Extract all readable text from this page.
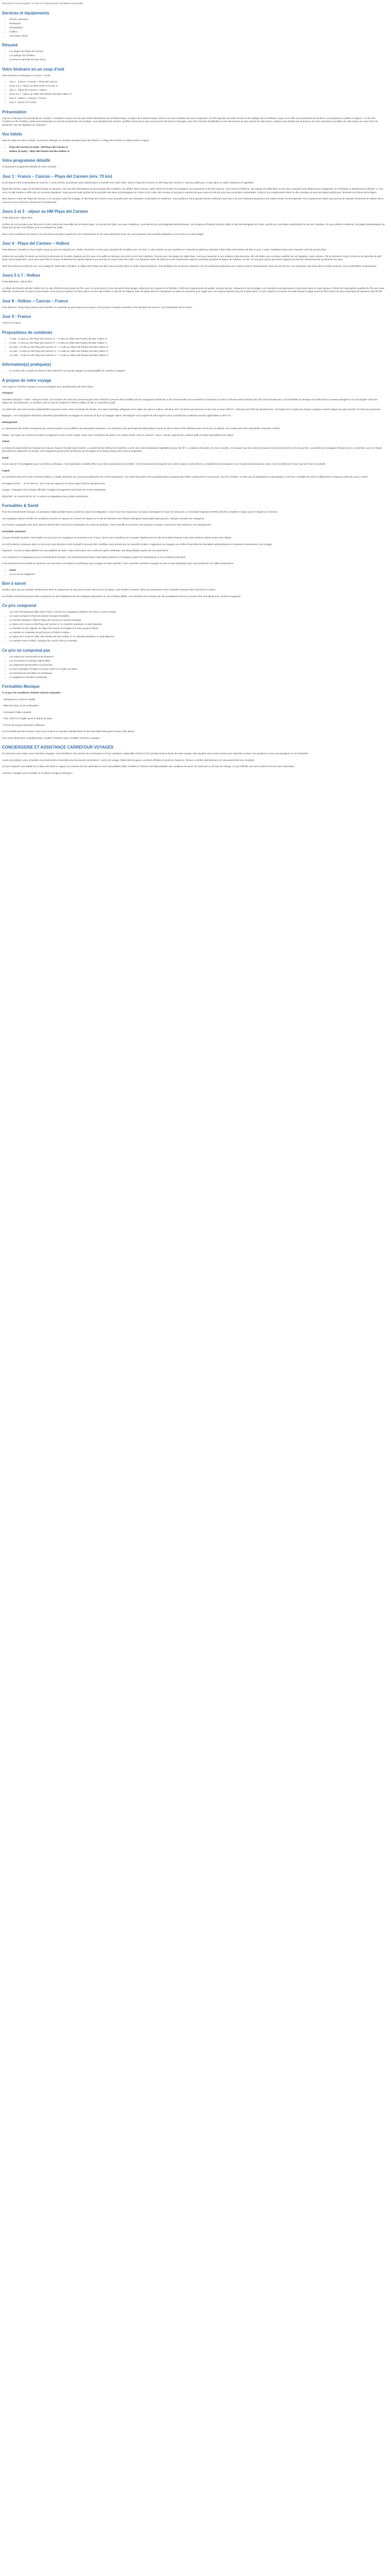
Découvrez le jour proposé ! Ce prix ne comprend pas Formalités Covid guide

Services et équipements
• Piscine extérieure
• Restaurant
• Climatisation
• Coiffeur
• Concierge 24h/24
Résumé
• Les plages de Playa del Carmen
• La mystique île d'Holbox
• La réserve naturelle de Sian Ka'an
Votre itinéraire en un coup d'oeil

Votre itinéraire au Mexique en 9 jours / 7 nuits :

• Jour 1 : France > Cancún > Playa del Carmen
• Jours 2 à 3 : séjour au Mimi Hotel & Cenote 4*
• Jour 4 : Playa del Carmen > Holbox
• Jours 5 à 7 : séjour au Villas HM Paraíso del Mar Holbox 4*
• Jour 8 : Holbox > Cancún > France
• Jour 9 : arrivée en France
Présentation

Cap sur le Mexique et la presqu'île du Yucatán ! Considéré comme l'un des plus belles destinations de la Riviera Maya, la région de la Riviera Maya, entre la mer des Caraïbes aux eaux turquoises, la forêt tropicale aux mille secrets et les vestiges de la civilisation maya, vous offre une parenthèse de bonheur. Ce programme combine 2 régions : la côte des Caraïbes et l'île d'Holbox, petite perle préservée au nord de la péninsule. De la plage, vous rejoindrez les cenotes, gouffres d'eau douce que vous pourrez découvrir en plongée, pour des moments inoubliables et une découverte du parc naturel de Sian Ka'an. Laissez-vous séduire par la douceur de vivre mexicaine et profitez de votre séjour au cœur d'une île préservée, loin de l'agitation du continent !

Vos hôtels

Dans le cadre de votre combiné, vous serez hébergé en chambre standard dans des hôtels 4* à Playa del Carmen et Holbox selon le séjour :

• Playa del Carmen (3 nuits) : HM Playa del Carmen 4*
• Holbox (4 nuits) : Villas HM Paraíso del Mar Holbox 4*
Votre programme détaillé

Ci-dessous le programme détaillé de votre combiné.

Jour 1 : France – Cancún – Playa del Carmen (env. 70 km)

Envol depuis Paris à destination de Cancún. À votre arrivée, accueil par notre représentant et transfert vers votre hôtel. Situé à Playa del Carmen, le HM Playa del Carmen 4* vous accueille pour 3 nuits dans un cadre chaleureux et agréable.

Playa del Carmen, joyau de la Riviera Maya au Mexique, est l'une des destinations les plus prisées des Caraïbes. Sa célèbre 5ème Avenue, artère piétonne bordée de boutiques, de restaurants et de bars animés, vous invite à la flânerie. Ses plages de sable blanc et ses eaux turquoise sont idéales pour la baignade, le snorkeling ou simplement la détente. Le soir venu, la ville s'anime et offre une vie nocturne trépidante. Vous pourrez aussi profiter de la proximité des sites archéologiques de Tulum et de Cobá, des cenotes et des parcs naturels tels que Xcaret et Xel-Há, pour des excursions mémorables. Grâce à son emplacement idéal, la ville constitue un point de départ parfait pour découvrir les trésors de la région.

Situé dans le centre de Playa del Carmen, à 10 minutes à pied de la plage, le HM Playa del Carmen vous accueille dans ses chambres confortables et modernes. Vous profiterez d'une grande piscine extérieure avec bar et de son restaurant proposant une cuisine locale et internationale. Son emplacement idéal vous permet de rejoindre facilement la célèbre 5ème Avenue et ses nombreux commerces et restaurants.

Jours 2 et 3 : séjour au HM Playa del Carmen

Petits déjeuners. Séjour libre.

Profitez de vos journées pour découvrir à votre rythme les merveilles de la Riviera Maya. Le cénote Dos Ojos, aux eaux cristallines, vous attend pour une baignade rafraîchissante. Les amateurs d'histoire pourront visiter le site archéologique de Tulum, perché sur une falaise surplombant la mer des Caraïbes. Si vous préférez la détente, les plages paradisiaques de Playa del Carmen sont idéales pour se prélasser au soleil.

Nous vous conseillons de réserver vos excursions sur place auprès de notre représentant ou de notre partenaire local, qui vous proposera des activités adaptées à vos envies et à votre budget.

Jour 4 : Playa del Carmen – Holbox

Petit déjeuner. Transfert en bus régulier jusqu'au port de Chiquilá (env. 3h30). Traversée en ferry pour rejoindre l'île d'Holbox (env. 20 min). À votre arrivée au port, transfert en voiturette de golf pour rejoindre l'hôtel Villas HM Paraíso del Mar 4* pour 4 nuits. Installation dans votre chambre et fin de journée libre.

Holbox est une petite île située au nord de la péninsule du Yucatán, baignée par les eaux où le golfe du Mexique rencontre la mer des Caraïbes. Connue pour ses plages de sable blanc, ses eaux turquoise et son ambiance décontractée, elle est idéale pour un séjour paisible loin de l'agitation. Sans voitures, l'île se découvre à pied, à vélo ou en voiturette de golf. Entre mai et septembre, vous aurez peut-être la chance d'observer les requins-baleines qui viennent se nourrir près des côtes. Les flamants roses, les pélicans et de nombreuses espèces d'oiseaux peuplent la lagune de Yalahau. Le soir, ne manquez pas le spectacle magique du plancton bioluminescent qui illumine les eaux.

Situé directement en bord de mer, sur la plage de sable blanc d'Holbox, le Villas HM Paraíso del Mar vous accueille dans un cadre naturel préservé. Vous profiterez de sa piscine extérieure, de son restaurant proposant une cuisine locale et internationale, ainsi que de son bar. Les chambres, décorées dans un style mexicain, sont confortables et spacieuses.

Jours 5 à 7 : Holbox

Petits déjeuners. Séjour libre.

Le Villas HM Paraíso del Mar Holbox est l'un des hôtels les plus prisés de l'île, avec un accès direct à l'une des plus belles plages. Idéal pour les couples et les familles, il offre des équipements de qualité, incluant piscine, restaurant et bar de plage. Les chambres sont spacieuses et décorées dans un style typique. Profitez de l'atmosphère paisible de l'île pour vous détendre et découvrir la nature environnante. Vous pourrez explorer les îlots voisins comme Isla Pasión ou Isla de los Pájaros, faire du kayak dans les mangroves ou partir en excursion pour nager avec les requins-baleines (de juin à septembre). Le soir, admirez le coucher de soleil depuis la plage avant de dîner dans l'un des restaurants de poissons frais de l'île.

Jour 8 : Holbox – Cancún – France

Petit déjeuner. Temps libre jusqu'à votre transfert en voiturette de golf jusqu'au port puis en ferry jusqu'à Chiquilá et transfert vers l'aéroport de Cancún. Vol à destination de la France.

Jour 9 : France

Arrivée en France.

Propositions de combinés
• 7 nuits : 3 nuits au HM Playa del Carmen 4* + 4 nuits au Villas HM Paraíso del Mar Holbox 4*
• 9 nuits : 3 nuits au HM Playa del Carmen 4* + 6 nuits au Villas HM Paraíso del Mar Holbox 4*
• 10 nuits : 3 nuits au HM Playa del Carmen 4* + 7 nuits au Villas HM Paraíso del Mar Holbox 4*
• 11 nuits : 5 nuits au HM Playa del Carmen 4* + 6 nuits au Villas HM Paraíso del Mar Holbox 4*
• 14 nuits : 7 nuits au HM Playa del Carmen 4* + 7 nuits au Villas HM Paraíso del Mar Holbox 4*
Information(s) pratique(s)
• Le contenu de ce guide est donné à titre indicatif et ne saurait engager la responsabilité de Carrefour Voyages.
A propos de votre voyage

Votre agence Carrefour Voyages vous accompagne pour la préparation de votre séjour :

Transport

Transferts aéroport – hôtel – aéroport inclus. Les horaires des vols sont communiqués à titre indicatif et peuvent être modifiés par les compagnies aériennes. Il est recommandé de se présenter à l'aéroport au moins 3 heures avant le départ pour les vols internationaux. Les transferts au Mexique sont effectués en navette partagée ou en bus régulier selon les étapes de votre itinéraire. Le transfert entre le port de Chiquilá et l'hôtel à Holbox se fait en voiturette de golf.

Les tarifs des vols sont soumis à disponibilité et peuvent varier selon la période de l'année. Une taxe touristique obligatoire est à régler sur place à Holbox, d'environ 30 à 40 pesos par personne et par nuit. La taxe VISITAX, instaurée par l'État de Quintana Roo, est également à régler par chaque voyageur avant le départ du pays (environ 20 USD par personne).

Bagages : Les compagnies aériennes autorisent généralement un bagage en soute de 23 kg et un bagage cabine. Renseignez-vous auprès de votre agence pour connaître les conditions exactes applicables à votre vol.

Hébergement

Le classement des hôtels correspond aux normes locales et peut différer des standards européens. Les chambres sont généralement disponibles à partir de 15h et doivent être libérées avant 12h le jour du départ. Une caution peut être demandée à l'arrivée à l'hôtel.

Repas : les repas non mentionnés dans le programme sont à votre charge. Nous vous conseillons de goûter à la cuisine locale, riche en saveurs : tacos, ceviche, guacamole, poisson grillé et autres spécialités de la région.

Climat

Le climat de la péninsule du Yucatán est tropical, chaud et humide toute l'année. La saison sèche s'étend de novembre à avril, avec des températures agréables autour de 28°C. La saison des pluies, de mai à octobre, est marquée par des averses souvent courtes et intenses en fin de journée. La période des ouragans s'étend de juin à novembre, avec un risque plus élevé en septembre et octobre. Des sargasses peuvent être présentes sur les plages de la Riviera Maya entre avril et septembre.

Santé

Aucun vaccin n'est obligatoire pour se rendre au Mexique. Il est cependant conseillé d'être à jour des vaccinations universelles. Il est recommandé d'emporter une crème solaire à indice élevé, un répulsif anti-moustiques et une trousse à pharmacie de base. Il est conseillé de ne boire que de l'eau en bouteille.

Argent

La monnaie locale est le peso mexicain (MXN). Le dollar américain est souvent accepté dans les zones touristiques. Les cartes bancaires sont acceptées dans la plupart des hôtels, restaurants et commerces. Sur l'île d'Holbox, il existe peu de distributeurs automatiques, il est donc conseillé de prévoir suffisamment d'espèces avant de vous y rendre.

Décalage horaire : - 7h en hiver et - 6h en été par rapport à la France dans l'État de Quintana Roo.

Langue : l'espagnol est la langue officielle, l'anglais est largement parlé dans les zones touristiques.

Électricité : le courant est de 127 V, prévoir un adaptateur pour prises américaines.

Formalités & Santé

Pour les ressortissants français, un passeport valide pendant toute la durée du séjour est obligatoire. Aucun visa n'est requis pour un séjour touristique de moins de 180 jours. Un formulaire migratoire (FMM) doit être complété en ligne avant le départ ou à l'arrivée.

Les voyageurs doivent vérifier les conditions d'entrée en vigueur au moment du départ sur le site du Ministère des Affaires étrangères (www.diplomatie.gouv.fr), rubrique Conseils aux voyageurs.

Les mineurs voyageant sans leurs parents doivent être munis d'une autorisation de sortie du territoire. Il est conseillé de souscrire une assurance voyage couvrant les frais médicaux et le rapatriement.

Formalités sanitaires

Aucune formalité sanitaire n'est exigée à ce jour pour les voyageurs en provenance de France. Nous vous conseillons de consulter régulièrement le site de l'Institut Pasteur et de votre médecin traitant avant votre départ.

Les informations contenues dans ce document sont données à titre indicatif et peuvent être modifiées sans préavis par les autorités locales. Il appartient au voyageur de vérifier l'ensemble des formalités administratives et sanitaires nécessaires à son voyage.

Important : les prix et disponibilités sont susceptibles de varier. Votre réservation sera confirmée après vérification des disponibilités auprès de nos partenaires.

Ces conditions ne s'appliquent qu'aux ressortissants français. Les ressortissants d'autres nationalités doivent se renseigner auprès de l'ambassade ou du consulat du Mexique.

Il est fortement recommandé de souscrire une assurance annulation et multirisque pour voyager en toute sérénité. Votre conseiller Carrefour Voyages se tient à votre disposition pour vous présenter nos offres d'assurance.

• Santé
• Aucun vaccin obligatoire
Bon à savoir

Veuillez noter que les activités mentionnées dans le programme ne sont pas incluses dans le prix du séjour, sauf mention contraire. Elles sont proposées à titre indicatif et peuvent être réservées sur place.

Les hôtels mentionnés peuvent être remplacés par des établissements de catégorie équivalente en cas d'indisponibilité. Les transferts sont assurés par des prestataires locaux et peuvent être mutualisés avec d'autres voyageurs.

Ce prix comprend
• Les vols internationaux aller-retour Paris / Cancún sur compagnie régulière (vol direct ou avec escale)
• Les taxes aéroport et frais de dossier (montant révisable)
• Le transfert aéroport / hôtel à Playa del Carmen en navette partagée
• Le séjour de 3 nuits au HM Playa del Carmen 4* en chambre standard, en petit déjeuner
• Le transfert en bus régulier de Playa del Carmen à Chiquilá et le ferry jusqu'à Holbox
• Le transfert en voiturette de golf du port à l'hôtel à Holbox
• Le séjour de 4 nuits au Villas HM Paraíso del Mar Holbox 4* en chambre standard, en petit déjeuner
• Le transfert retour Holbox / aéroport de Cancún (ferry et navette)
Ce prix ne comprend pas
• Les repas non mentionnés et les boissons
• Les excursions et activités optionnelles
• Les dépenses personnelles et pourboires
• La taxe touristique d'Holbox et la taxe VISITAX à régler sur place
• Les assurances annulation et multirisque
• Le supplément chambre individuelle
Formalités Mexique

À ce jour, les conditions d'entrée sont les suivantes :

- Passeport en cours de validité

- Billet de retour ou de continuation

- Formulaire FMM complété

- Taxe VISITAX à régler avant le départ du pays

- Preuve de moyens financiers suffisants

Les formalités peuvent évoluer. Nous vous invitons à consulter régulièrement le site www.diplomatie.gouv.fr avant votre départ.

Pour toute information complémentaire, veuillez contacter votre conseiller Carrefour Voyages.

CONCIERGERIE ET ASSISTANCE CARREFOUR VOYAGES

En réservant votre séjour avec Carrefour Voyages, vous bénéficiez d'un service de conciergerie et d'une assistance disponible 24h/24 et 7j/7 pendant toute la durée de votre voyage. Nos équipes sont à votre écoute pour répondre à toutes vos questions et vous accompagner en cas d'imprévu.

Avant votre départ, votre conseiller vous transmettra l'ensemble des documents nécessaires : carnet de voyage, billets électroniques, vouchers d'hôtels et numéros d'urgence. Pensez à vérifier attentivement ces documents dès leur réception.

Les prix indiqués sont établis sur la base des tarifs en vigueur au moment de leur publication et sont susceptibles d'être modifiés en fonction des disponibilités, des variations de taxes, de carburant ou de taux de change. Le prix définitif vous sera confirmé lors de votre réservation.

Carrefour Voyages vous souhaite un excellent voyage au Mexique !
